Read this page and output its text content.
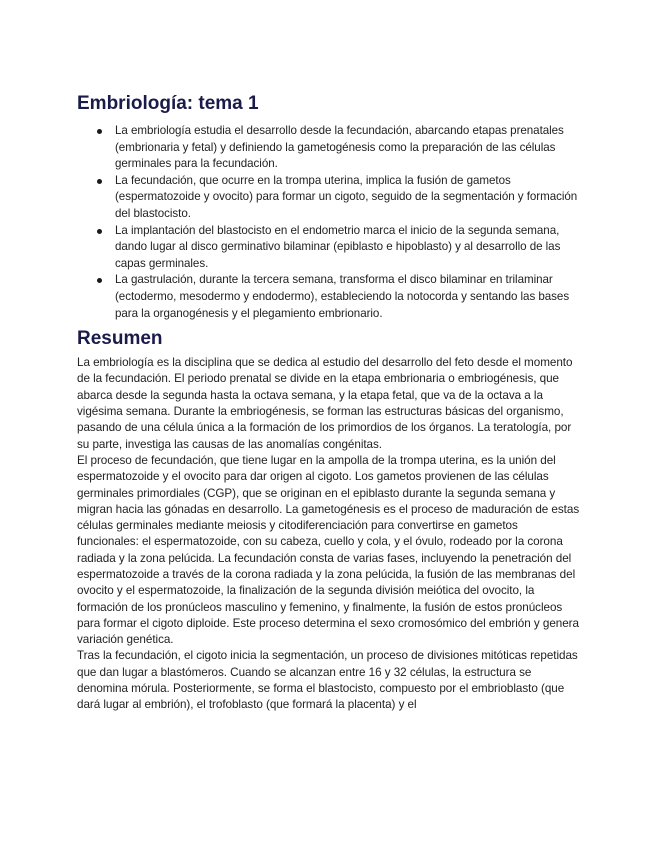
Embriología: tema 1
La embriología estudia el desarrollo desde la fecundación, abarcando etapas prenatales (embrionaria y fetal) y definiendo la gametogénesis como la preparación de las células germinales para la fecundación.
La fecundación, que ocurre en la trompa uterina, implica la fusión de gametos (espermatozoide y ovocito) para formar un cigoto, seguido de la segmentación y formación del blastocisto.
La implantación del blastocisto en el endometrio marca el inicio de la segunda semana, dando lugar al disco germinativo bilaminar (epiblasto e hipoblasto) y al desarrollo de las capas germinales.
La gastrulación, durante la tercera semana, transforma el disco bilaminar en trilaminar (ectodermo, mesodermo y endodermo), estableciendo la notocorda y sentando las bases para la organogénesis y el plegamiento embrionario.
Resumen

La embriología es la disciplina que se dedica al estudio del desarrollo del feto desde el momento de la fecundación. El periodo prenatal se divide en la etapa embrionaria o embriogénesis, que abarca desde la segunda hasta la octava semana, y la etapa fetal, que va de la octava a la vigésima semana. Durante la embriogénesis, se forman las estructuras básicas del organismo, pasando de una célula única a la formación de los primordios de los órganos. La teratología, por su parte, investiga las causas de las anomalías congénitas.

El proceso de fecundación, que tiene lugar en la ampolla de la trompa uterina, es la unión del espermatozoide y el ovocito para dar origen al cigoto. Los gametos provienen de las células germinales primordiales (CGP), que se originan en el epiblasto durante la segunda semana y migran hacia las gónadas en desarrollo. La gametogénesis es el proceso de maduración de estas células germinales mediante meiosis y citodiferenciación para convertirse en gametos funcionales: el espermatozoide, con su cabeza, cuello y cola, y el óvulo, rodeado por la corona radiada y la zona pelúcida. La fecundación consta de varias fases, incluyendo la penetración del espermatozoide a través de la corona radiada y la zona pelúcida, la fusión de las membranas del ovocito y el espermatozoide, la finalización de la segunda división meiótica del ovocito, la formación de los pronúcleos masculino y femenino, y finalmente, la fusión de estos pronúcleos para formar el cigoto diploide. Este proceso determina el sexo cromosómico del embrión y genera variación genética.

Tras la fecundación, el cigoto inicia la segmentación, un proceso de divisiones mitóticas repetidas que dan lugar a blastómeros. Cuando se alcanzan entre 16 y 32 células, la estructura se denomina mórula. Posteriormente, se forma el blastocisto, compuesto por el embrioblasto (que dará lugar al embrión), el trofoblasto (que formará la placenta) y el
